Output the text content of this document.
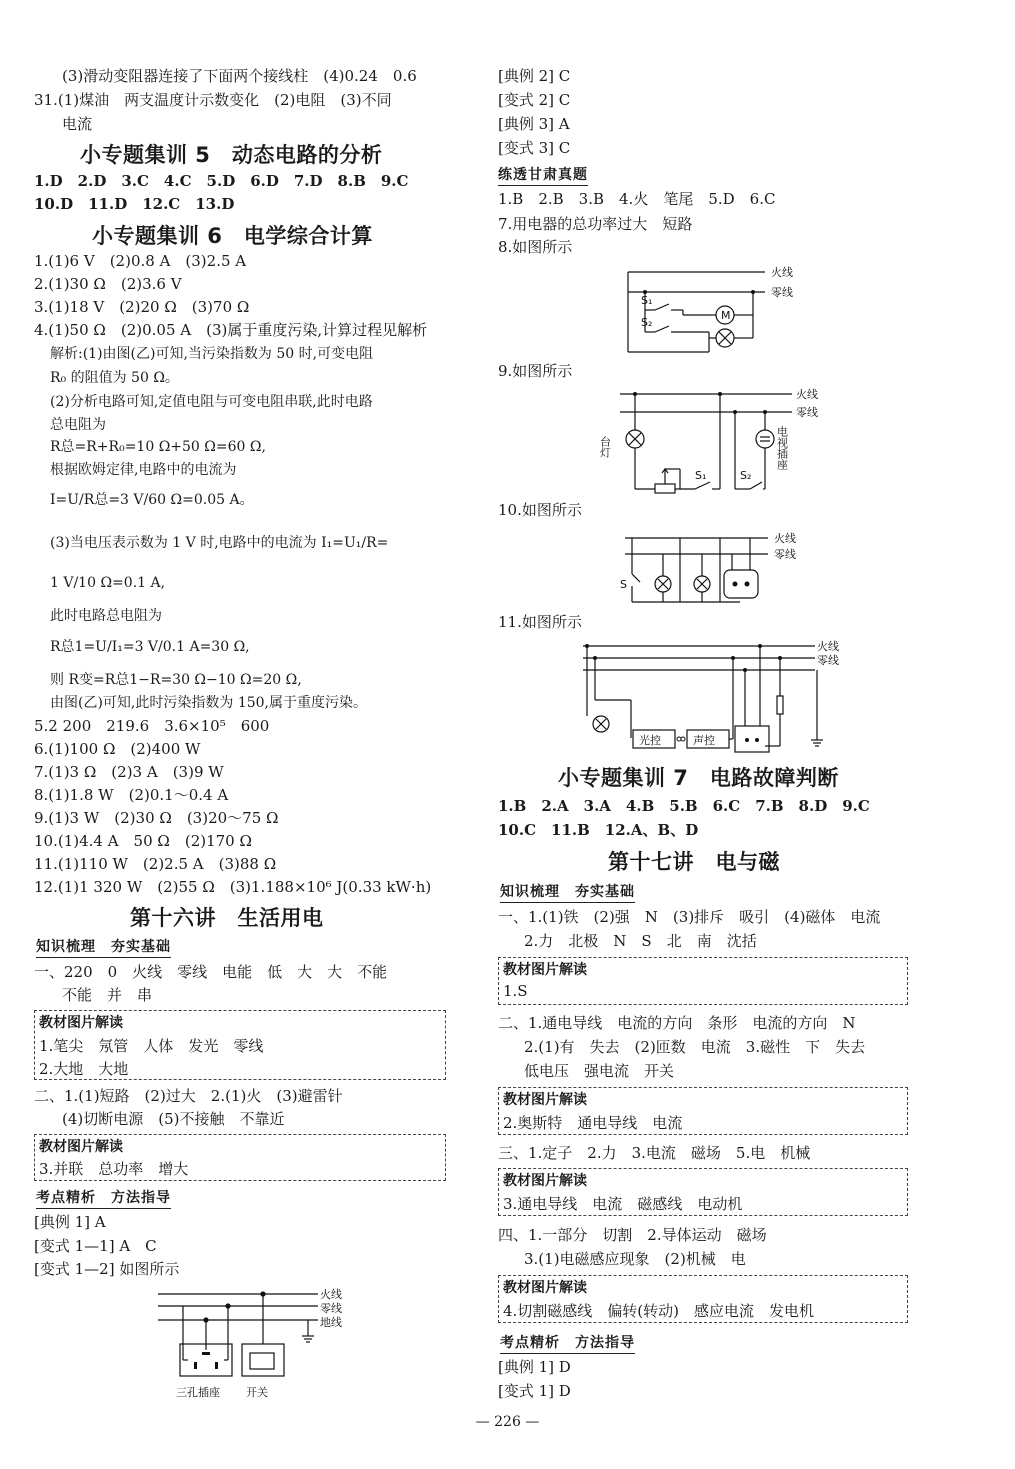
(3)滑动变阻器连接了下面两个接线柱　(4)0.24　0.6
31.(1)煤油　两支温度计示数变化　(2)电阻　(3)不同
电流
小专题集训 5　动态电路的分析
1.D　2.D　3.C　4.C　5.D　6.D　7.D　8.B　9.C
10.D　11.D　12.C　13.D
小专题集训 6　电学综合计算
1.(1)6 V　(2)0.8 A　(3)2.5 A
2.(1)30 Ω　(2)3.6 V
3.(1)18 V　(2)20 Ω　(3)70 Ω
4.(1)50 Ω　(2)0.05 A　(3)属于重度污染,计算过程见解析
解析:(1)由图(乙)可知,当污染指数为 50 时,可变电阻
R₀ 的阻值为 50 Ω。
(2)分析电路可知,定值电阻与可变电阻串联,此时电路
总电阻为
R总=R+R₀=10 Ω+50 Ω=60 Ω,
根据欧姆定律,电路中的电流为
I=U/R总=3 V/60 Ω=0.05 A。
(3)当电压表示数为 1 V 时,电路中的电流为 I₁=U₁/R=
1 V/10 Ω=0.1 A,
此时电路总电阻为
R总1=U/I₁=3 V/0.1 A=30 Ω,
则 R变=R总1−R=30 Ω−10 Ω=20 Ω,
由图(乙)可知,此时污染指数为 150,属于重度污染。
5.2 200　219.6　3.6×10⁵　600
6.(1)100 Ω　(2)400 W
7.(1)3 Ω　(2)3 A　(3)9 W
8.(1)1.8 W　(2)0.1～0.4 A
9.(1)3 W　(2)30 Ω　(3)20～75 Ω
10.(1)4.4 A　50 Ω　(2)170 Ω
11.(1)110 W　(2)2.5 A　(3)88 Ω
12.(1)1 320 W　(2)55 Ω　(3)1.188×10⁶ J(0.33 kW·h)
第十六讲　生活用电
知识梳理　夯实基础
一、220　0　火线　零线　电能　低　大　大　不能
不能　并　串
教材图片解读
1.笔尖　氖管　人体　发光　零线
2.大地　大地
二、1.(1)短路　(2)过大　2.(1)火　(3)避雷针
(4)切断电源　(5)不接触　不靠近
教材图片解读
3.并联　总功率　增大
考点精析　方法指导
[典例 1] A
[变式 1—1] A　C
[变式 1—2] 如图所示
火线
零线
地线
三孔插座 开关
[典例 2] C
[变式 2] C
[典例 3] A
[变式 3] C
练透甘肃真题
1.B　2.B　3.B　4.火　笔尾　5.D　6.C
7.用电器的总功率过大　短路
8.如图所示
M
火线
零线
S₁
S₂
9.如图所示
火线
零线
台灯	电视插座
S₁	S₂
10.如图所示
火线
零线
S
11.如图所示
火线
零线
光控	声控
小专题集训 7　电路故障判断
1.B　2.A　3.A　4.B　5.B　6.C　7.B　8.D　9.C
10.C　11.B　12.A、B、D
第十七讲　电与磁
知识梳理　夯实基础
一、1.(1)铁　(2)强　N　(3)排斥　吸引　(4)磁体　电流
2.力　北极　N　S　北　南　沈括
教材图片解读
1.S
二、1.通电导线　电流的方向　条形　电流的方向　N
2.(1)有　失去　(2)匝数　电流　3.磁性　下　失去
低电压　强电流　开关
教材图片解读
2.奥斯特　通电导线　电流
三、1.定子　2.力　3.电流　磁场　5.电　机械
教材图片解读
3.通电导线　电流　磁感线　电动机
四、1.一部分　切割　2.导体运动　磁场
3.(1)电磁感应现象　(2)机械　电
教材图片解读
4.切割磁感线　偏转(转动)　感应电流　发电机
考点精析　方法指导
[典例 1] D
[变式 1] D
— 226 —
